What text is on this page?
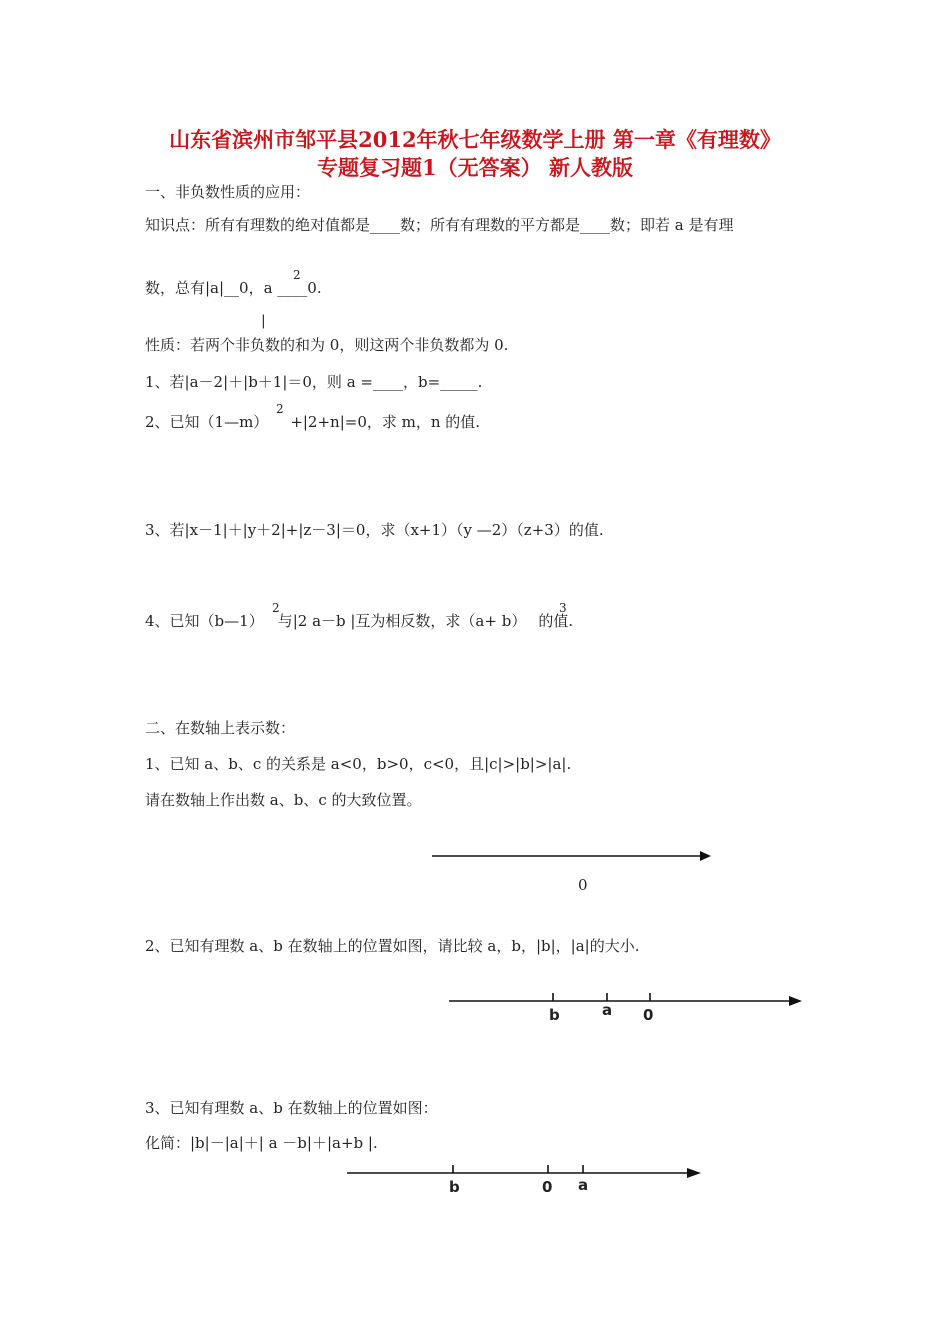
山东省滨州市邹平县2012年秋七年级数学上册 第一章《有理数》
专题复习题1（无答案） 新人教版
一、非负数性质的应用：
知识点：所有有理数的绝对值都是____数；所有有理数的平方都是____数；即若 a 是有理
数，总有|a|__0，a ____0.
2
|
性质：若两个非负数的和为 0，则这两个非负数都为 0.
1、若|a－2|＋|b＋1|＝0，则 a =____，b=_____.
2、已知（1—m） +|2+n|=0，求 m，n 的值.
2
3、若|x－1|＋|y＋2|+|z－3|＝0，求（x+1）（y —2）（z+3）的值.
4、已知（b—1） 与|2 a－b |互为相反数，求（a+ b） 的值.
2	3
二、在数轴上表示数：
1、已知 a、b、c 的关系是 a<0，b>0，c<0，且|c|>|b|>|a|.
请在数轴上作出数 a、b、c 的大致位置。
0
2、已知有理数 a、b 在数轴上的位置如图，请比较 a，b，|b|，|a|的大小.
b	a 0
3、已知有理数 a、b 在数轴上的位置如图：
化简：|b|－|a|＋| a －b|＋|a+b |.
b	0 a
